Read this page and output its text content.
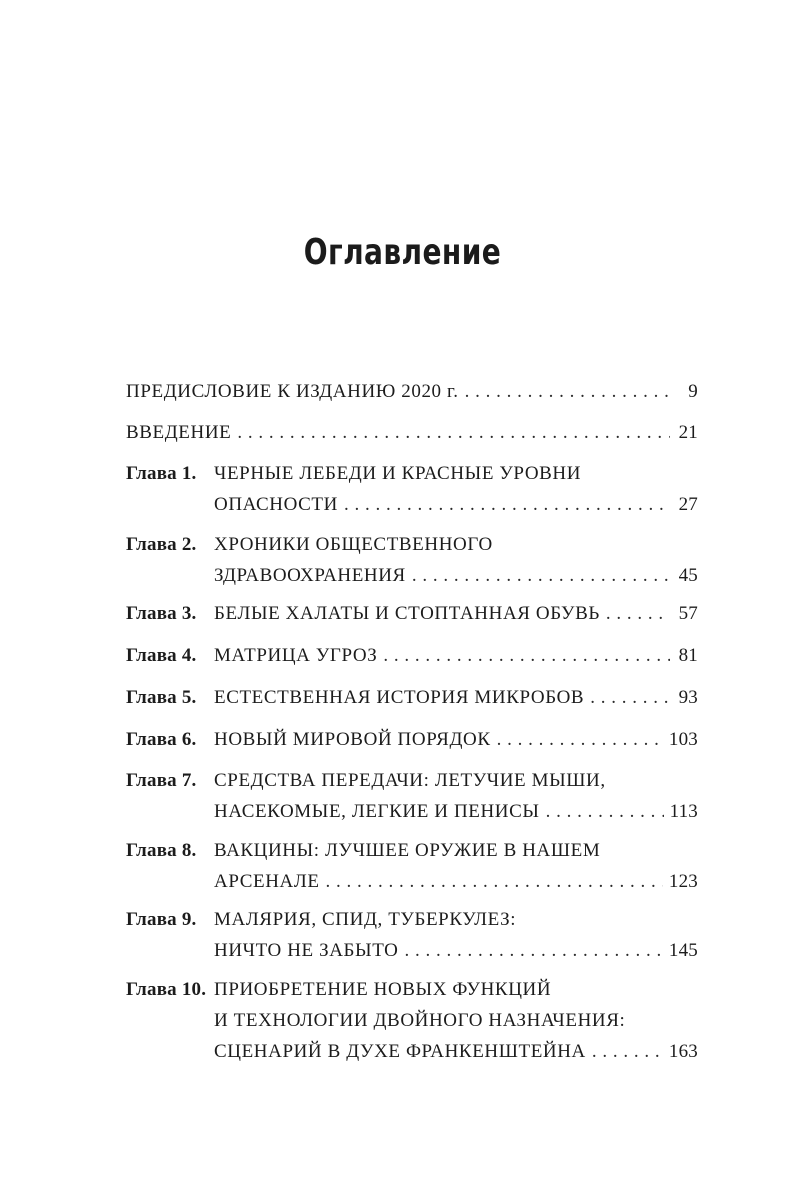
Оглавление
ПРЕДИСЛОВИЕ К ИЗДАНИЮ 2020 г. . . .	9
ВВЕДЕНИЕ . . .	21
Глава 1. ЧЕРНЫЕ ЛЕБЕДИ И КРАСНЫЕ УРОВНИ
ОПАСНОСТИ . . .	27
Глава 2. ХРОНИКИ ОБЩЕСТВЕННОГО
ЗДРАВООХРАНЕНИЯ . . .	45
Глава 3. БЕЛЫЕ ХАЛАТЫ И СТОПТАННАЯ ОБУВЬ . . .	57
Глава 4. МАТРИЦА УГРОЗ . . .	81
Глава 5. ЕСТЕСТВЕННАЯ ИСТОРИЯ МИКРОБОВ . . .	93
Глава 6. НОВЫЙ МИРОВОЙ ПОРЯДОК . . .	103
Глава 7. СРЕДСТВА ПЕРЕДАЧИ: ЛЕТУЧИЕ МЫШИ,
НАСЕКОМЫЕ, ЛЕГКИЕ И ПЕНИСЫ . . .	113
Глава 8. ВАКЦИНЫ: ЛУЧШЕЕ ОРУЖИЕ В НАШЕМ
АРСЕНАЛЕ . . .	123
Глава 9. МАЛЯРИЯ, СПИД, ТУБЕРКУЛЕЗ:
НИЧТО НЕ ЗАБЫТО . . .	145
Глава 10. ПРИОБРЕТЕНИЕ НОВЫХ ФУНКЦИЙ
И ТЕХНОЛОГИИ ДВОЙНОГО НАЗНАЧЕНИЯ:
СЦЕНАРИЙ В ДУХЕ ФРАНКЕНШТЕЙНА . . .	163
